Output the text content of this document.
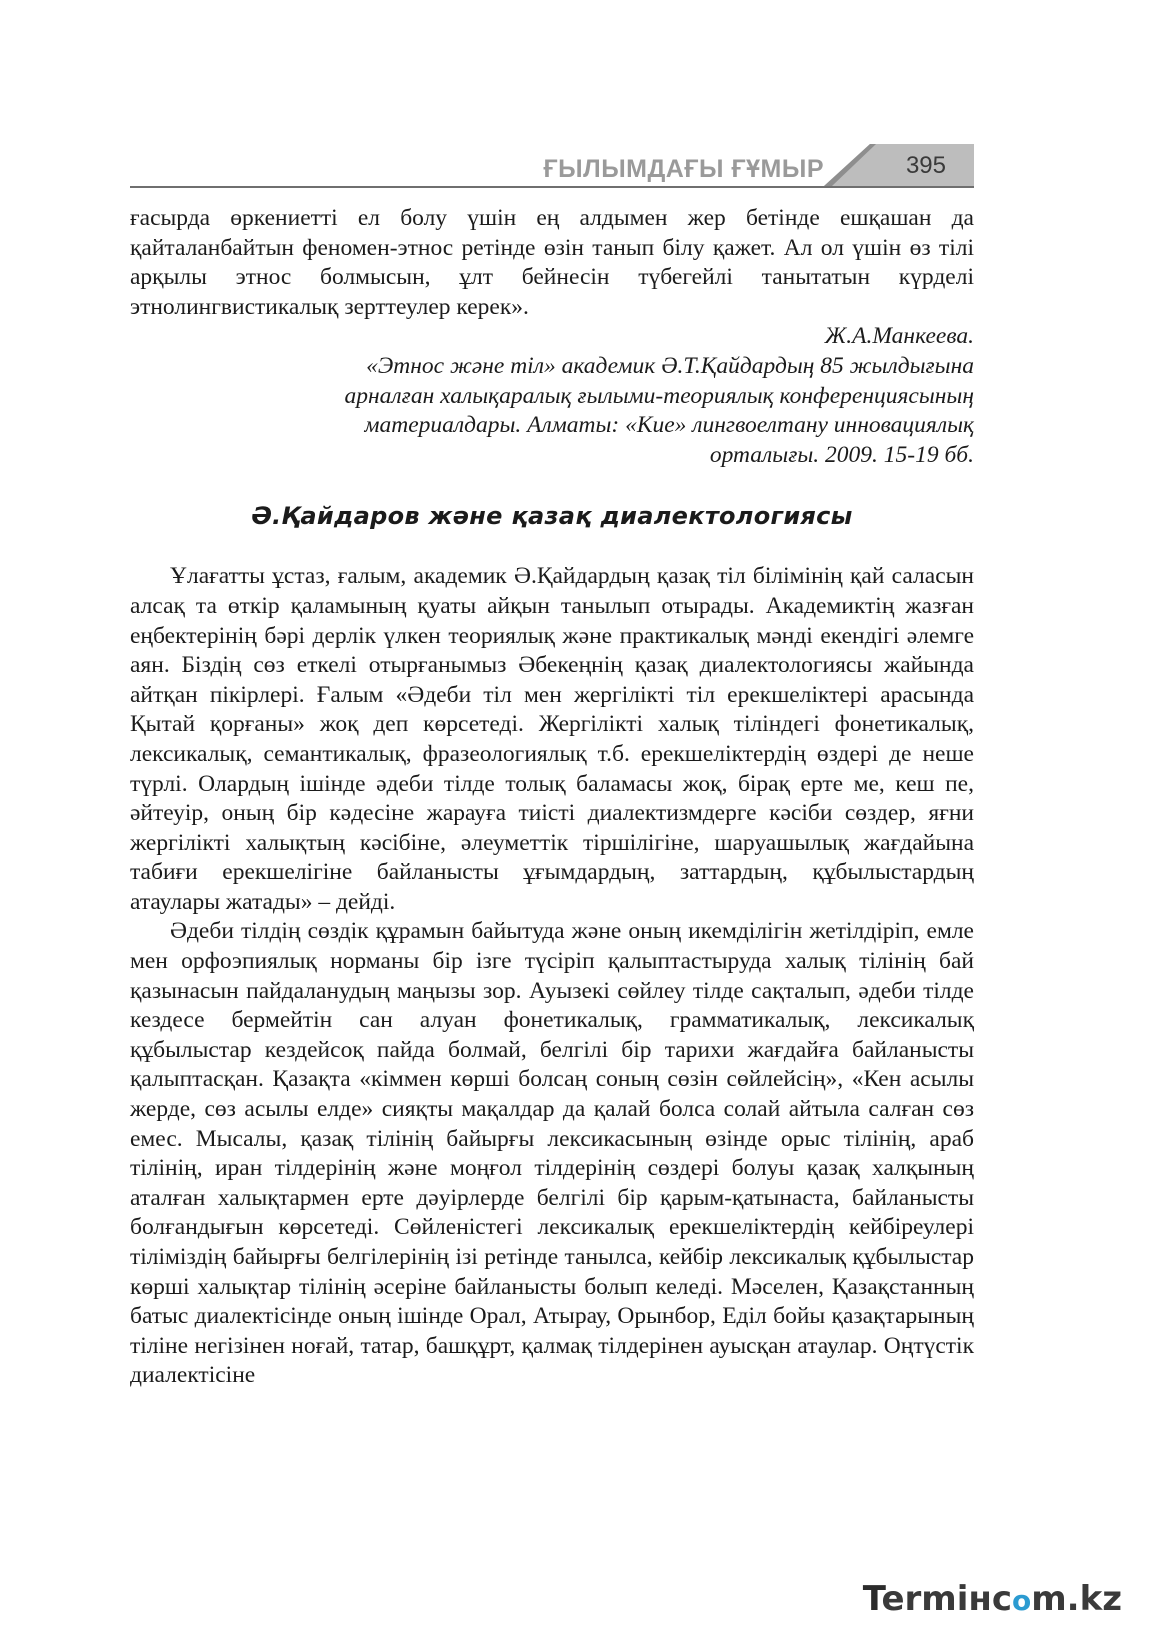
ҒЫЛЫМДАҒЫ ҒҰМЫР	395

ғасырда өркениетті ел болу үшін ең алдымен жер бетінде ешқашан да қайталанбайтын феномен-этнос ретінде өзін танып білу қажет. Ал ол үшін өз тілі арқылы этнос болмысын, ұлт бейнесін түбегейлі танытатын күрделі этнолингвистикалық зерттеулер керек».

Ж.А.Манкеева.
«Этнос және тіл» академик Ә.Т.Қайдардың 85 жылдығына
арналған халықаралық ғылыми-теориялық конференциясының
материалдары. Алматы: «Кие» лингвоелтану инновациялық
орталығы. 2009. 15-19 бб.
Ә.Қайдаров және қазақ диалектологиясы

Ұлағатты ұстаз, ғалым, академик Ә.Қайдардың қазақ тіл білімінің қай саласын алсақ та өткір қаламының қуаты айқын танылып отырады. Академиктің жазған еңбектерінің бәрі дерлік үлкен теориялық және практикалық мәнді екендігі әлемге аян. Біздің сөз еткелі отырғанымыз Әбекеңнің қазақ диалектологиясы жайында айтқан пікірлері. Ғалым «Әдеби тіл мен жергілікті тіл ерекшеліктері арасында Қытай қорғаны» жоқ деп көрсетеді. Жергілікті халық тіліндегі фонетикалық, лексикалық, семантикалық, фразеологиялық т.б. ерекшеліктердің өздері де неше түрлі. Олардың ішінде әдеби тілде толық баламасы жоқ, бірақ ерте ме, кеш пе, әйтеуір, оның бір кәдесіне жарауға тиісті диалектизмдерге кәсіби сөздер, яғни жергілікті халықтың кәсібіне, әлеуметтік тіршілігіне, шаруашылық жағдайына табиғи ерекшелігіне байланысты ұғымдардың, заттардың, құбылыстардың атаулары жатады» – дейді.

Әдеби тілдің сөздік құрамын байытуда және оның икемділігін жетілдіріп, емле мен орфоэпиялық норманы бір ізге түсіріп қалыптастыруда халық тілінің бай қазынасын пайдаланудың маңызы зор. Ауызекі сөйлеу тілде сақталып, әдеби тілде кездесе бермейтін сан алуан фонетикалық, грамматикалық, лексикалық құбылыстар кездейсоқ пайда болмай, белгілі бір тарихи жағдайға байланысты қалыптасқан. Қазақта «кіммен көрші болсаң соның сөзін сөйлейсің», «Кен асылы жерде, сөз асылы елде» сияқты мақалдар да қалай болса солай айтыла салған сөз емес. Мысалы, қазақ тілінің байырғы лексикасының өзінде орыс тілінің, араб тілінің, иран тілдерінің және моңғол тілдерінің сөздері болуы қазақ халқының аталған халықтармен ерте дәуірлерде белгілі бір қарым-қатынаста, байланысты болғандығын көрсетеді. Сөйленістегі лексикалық ерекшеліктердің кейбіреулері тіліміздің байырғы белгілерінің ізі ретінде танылса, кейбір лексикалық құбылыстар көрші халықтар тілінің әсеріне байланысты болып келеді. Мәселен, Қазақстанның батыс диалектісінде оның ішінде Орал, Атырау, Орынбор, Еділ бойы қазақтарының тіліне негізінен ноғай, татар, башқұрт, қалмақ тілдерінен ауысқан атаулар. Оңтүстік диалектісіне

Termінcom.kz
